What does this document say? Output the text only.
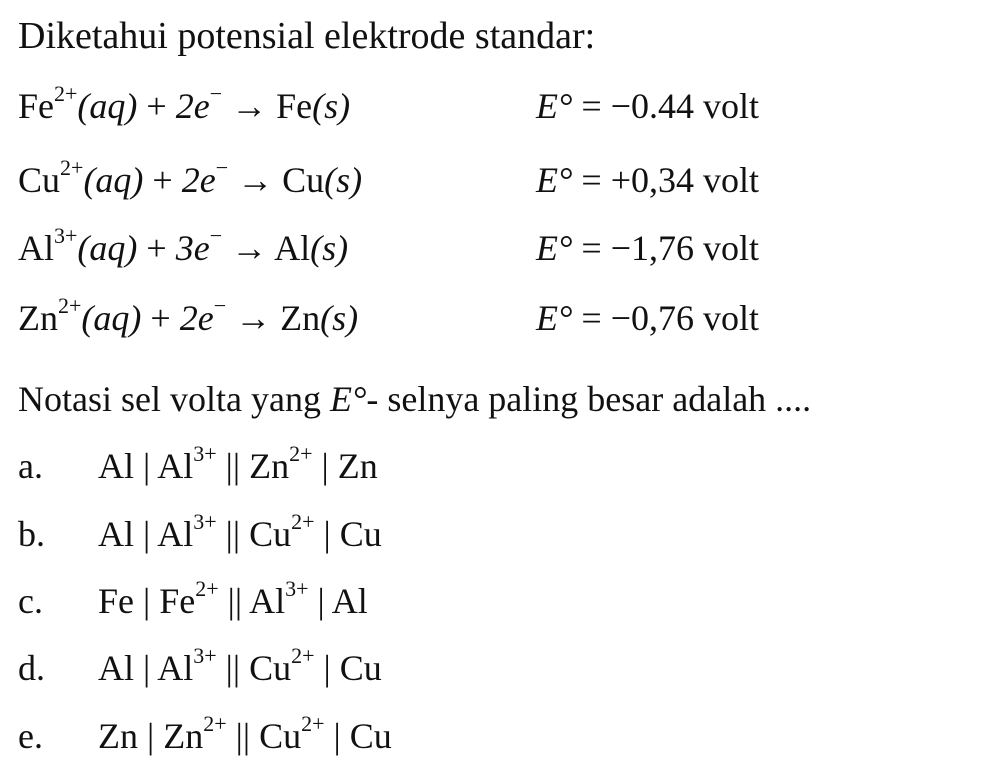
Diketahui potensial elektrode standar:
$Fe^{2+}(aq) + 2e^- \to Fe(s)$	E° = −0.44 volt
$Cu^{2+}(aq) + 2e^- \to Cu(s)$	E° = +0,34 volt
$Al^{3+}(aq) + 3e^- \to Al(s)$	E° = −1,76 volt
$Zn^{2+}(aq) + 2e^- \to Zn(s)$	E° = −0,76 volt
Notasi sel volta yang E°- selnya paling besar adalah ....
a. Al | $Al^{3+}$ || $Zn^{2+}$ | Zn
b. Al | $Al^{3+}$ || $Cu^{2+}$ | Cu
c. Fe | $Fe^{2+}$ || $Al^{3+}$ | Al
d. Al | $Al^{3+}$ || $Cu^{2+}$ | Cu
e. Zn | $Zn^{2+}$ || $Cu^{2+}$ | Cu
